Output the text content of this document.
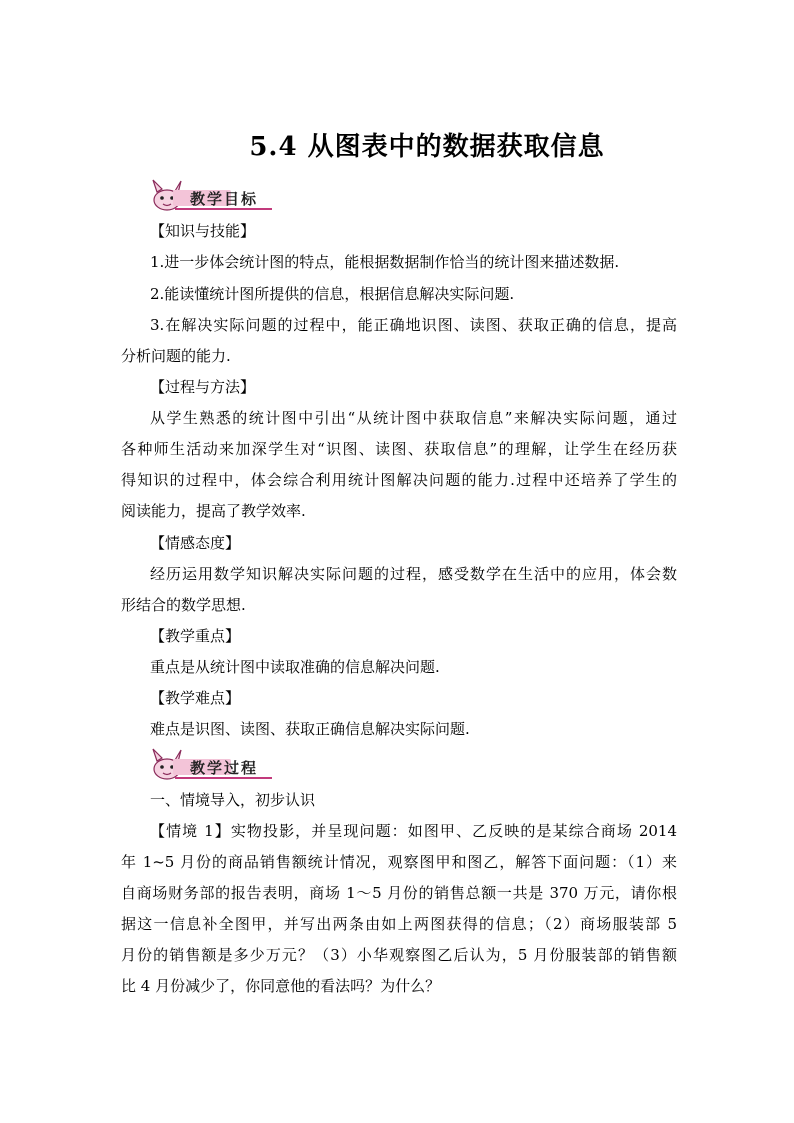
5.4 从图表中的数据获取信息
教学目标
【知识与技能】
1.进一步体会统计图的特点，能根据数据制作恰当的统计图来描述数据.
2.能读懂统计图所提供的信息，根据信息解决实际问题.
3.在解决实际问题的过程中，能正确地识图、读图、获取正确的信息，提高
分析问题的能力.
【过程与方法】
从学生熟悉的统计图中引出“从统计图中获取信息”来解决实际问题，通过
各种师生活动来加深学生对“识图、读图、获取信息”的理解，让学生在经历获
得知识的过程中，体会综合利用统计图解决问题的能力.过程中还培养了学生的
阅读能力，提高了教学效率.
【情感态度】
经历运用数学知识解决实际问题的过程，感受数学在生活中的应用，体会数
形结合的数学思想.
【教学重点】
重点是从统计图中读取准确的信息解决问题.
【教学难点】
难点是识图、读图、获取正确信息解决实际问题.
教学过程
一、情境导入，初步认识
【情境 1】实物投影，并呈现问题：如图甲、乙反映的是某综合商场 2014
年 1~5 月份的商品销售额统计情况，观察图甲和图乙，解答下面问题：（1）来
自商场财务部的报告表明，商场 1～5 月份的销售总额一共是 370 万元，请你根
据这一信息补全图甲，并写出两条由如上两图获得的信息；（2）商场服装部 5
月份的销售额是多少万元？（3）小华观察图乙后认为，5 月份服装部的销售额
比 4 月份减少了，你同意他的看法吗？为什么？
